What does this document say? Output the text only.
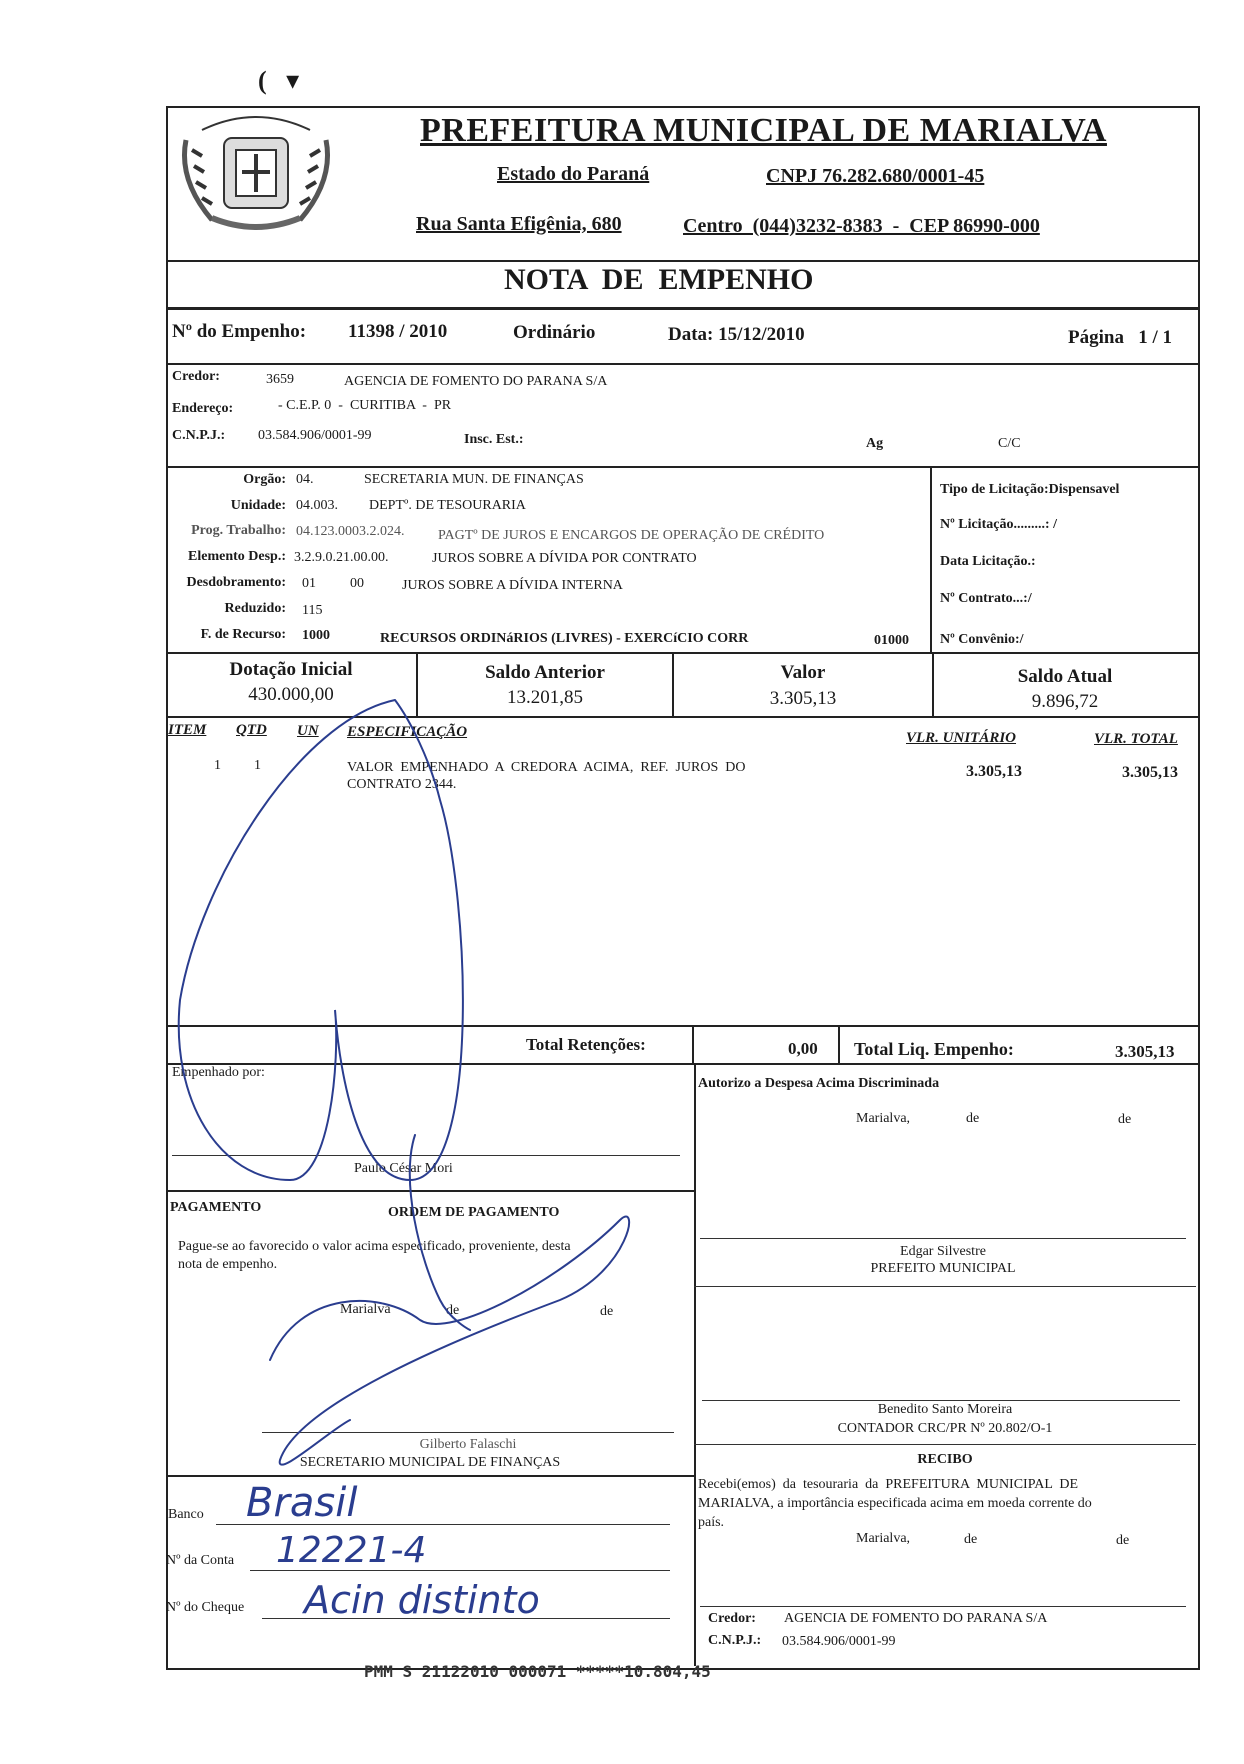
(   ▾
PREFEITURA MUNICIPAL DE MARIALVA
Estado do Paraná	CNPJ 76.282.680/0001-45
Rua Santa Efigênia, 680	Centro  (044)3232-8383  -  CEP 86990-000
NOTA  DE  EMPENHO
Nº do Empenho: 11398 / 2010	Ordinário	Data: 15/12/2010	Página   1 / 1
Credor:	3659	AGENCIA DE FOMENTO DO PARANA S/A
Endereço:	- C.E.P. 0  -  CURITIBA  -  PR
C.N.P.J.: 03.584.906/0001-99	Insc. Est.:	Ag	C/C
Orgão: 04.	SECRETARIA MUN. DE FINANÇAS
Unidade: 04.003. DEPTº. DE TESOURARIA
Prog. Trabalho: 04.123.0003.2.024. PAGTº DE JUROS E ENCARGOS DE OPERAÇÃO DE CRÉDITO
Elemento Desp.: 3.2.9.0.21.00.00.	JUROS SOBRE A DÍVIDA POR CONTRATO
Desdobramento: 01 00	JUROS SOBRE A DÍVIDA INTERNA
Reduzido: 115
F. de Recurso: 1000	RECURSOS ORDINáRIOS (LIVRES) - EXERCíCIO CORR	01000
Tipo de Licitação:Dispensavel
Nº Licitação.........: /
Data Licitação.:
Nº Contrato...:/
Nº Convênio:/
Dotação Inicial
430.000,00
Saldo Anterior
13.201,85
Valor
3.305,13
Saldo Atual
9.896,72
ITEM QTD UN ESPECIFICAÇÃO	VLR. UNITÁRIO	VLR. TOTAL
1 1	VALOR  EMPENHADO  A  CREDORA  ACIMA,  REF.  JUROS  DO
CONTRATO 2344.
3.305,13	3.305,13
Total Retenções:	0,00 Total Liq. Empenho:	3.305,13
Empenhado por:
Paulo César Mori
Autorizo a Despesa Acima Discriminada
Marialva,	de	de
Edgar Silvestre
PREFEITO MUNICIPAL
PAGAMENTO	ORDEM DE PAGAMENTO
Pague-se ao favorecido o valor acima especificado, proveniente, desta
nota de empenho.
Marialva	de	de
Gilberto Falaschi
SECRETARIO MUNICIPAL DE FINANÇAS
Benedito Santo Moreira
CONTADOR CRC/PR Nº 20.802/O-1
RECIBO
Recebi(emos)  da  tesouraria  da  PREFEITURA  MUNICIPAL  DE
MARIALVA, a importância especificada acima em moeda corrente do
país.
Marialva,	de	de
Credor: AGENCIA DE FOMENTO DO PARANA S/A
C.N.P.J.: 03.584.906/0001-99
Banco Brasil
Nº da Conta 12221-4
Nº do Cheque Acin distinto
PMM S 21122010 000071 *****10.804,45
